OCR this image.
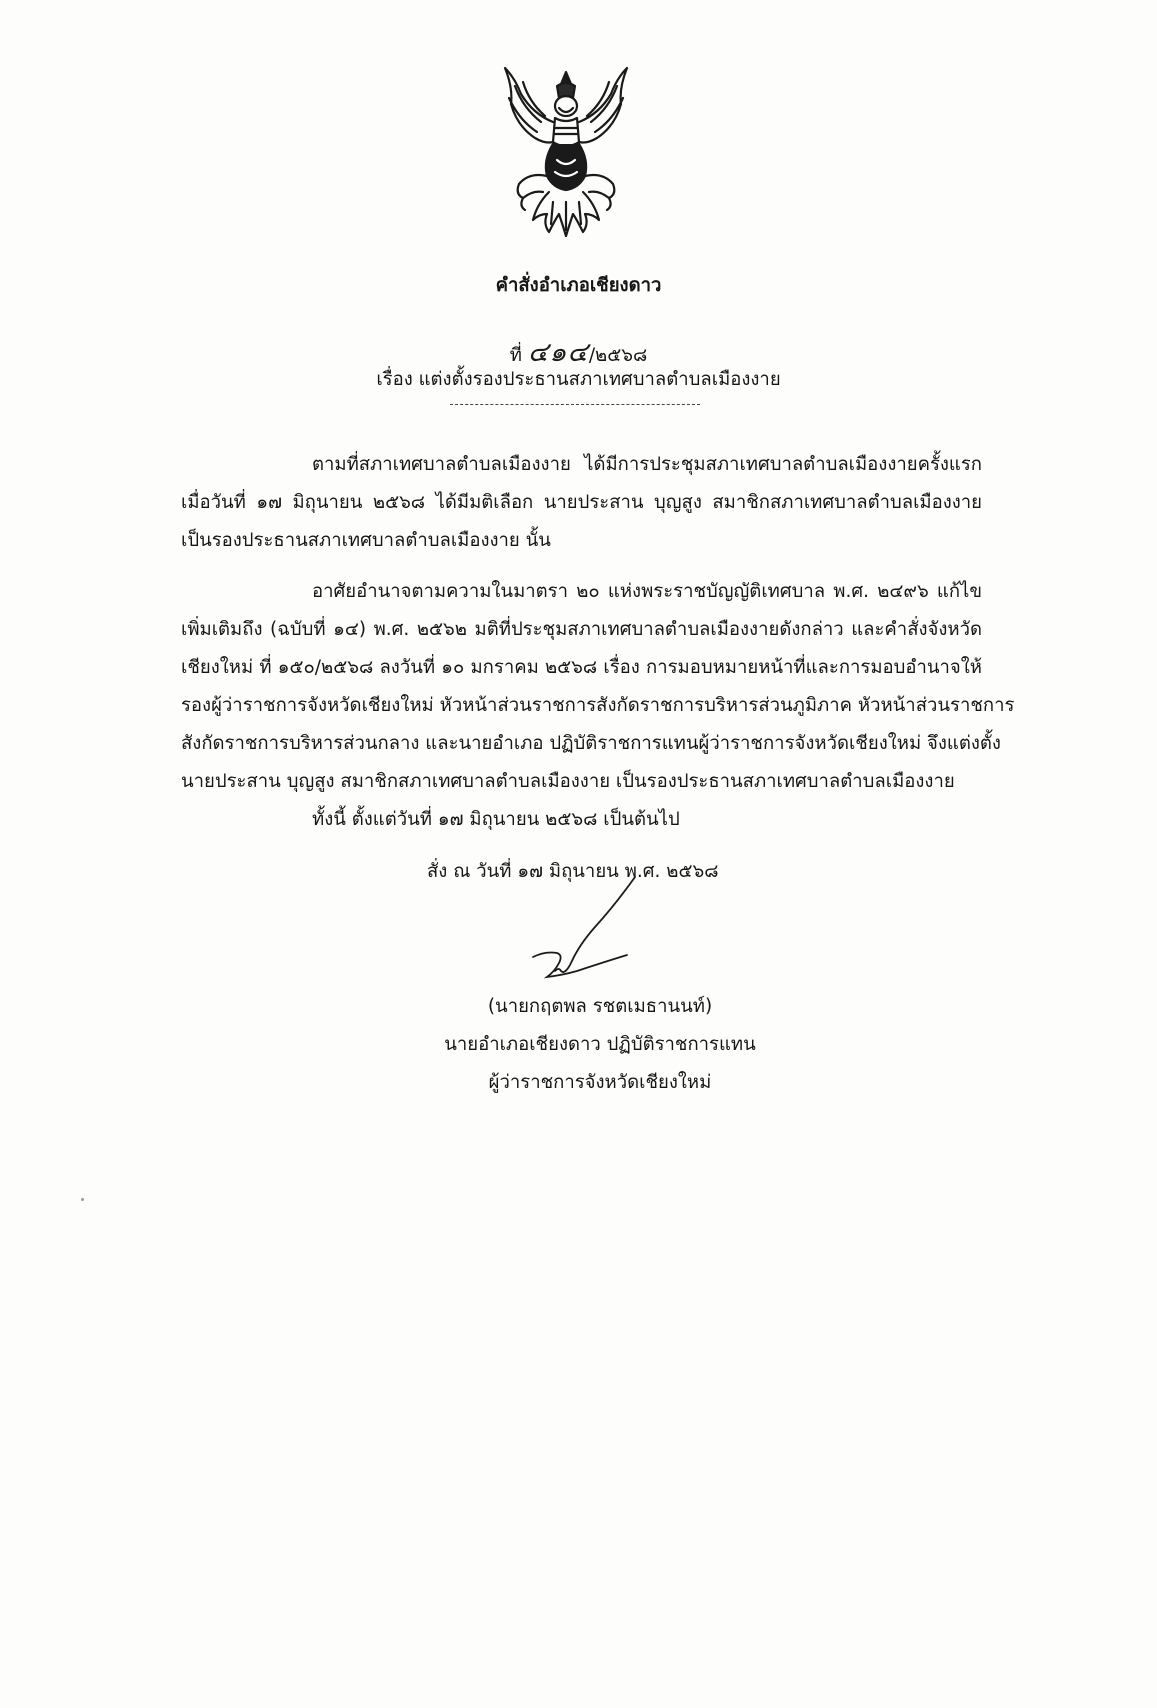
คำสั่งอำเภอเชียงดาว
ที่ ๔๑๔/๒๕๖๘
เรื่อง แต่งตั้งรองประธานสภาเทศบาลตำบลเมืองงาย

ตามที่สภาเทศบาลตำบลเมืองงาย ได้มีการประชุมสภาเทศบาลตำบลเมืองงายครั้งแรก

เมื่อวันที่ ๑๗ มิถุนายน ๒๕๖๘ ได้มีมติเลือก นายประสาน บุญสูง สมาชิกสภาเทศบาลตำบลเมืองงาย

เป็นรองประธานสภาเทศบาลตำบลเมืองงาย นั้น

อาศัยอำนาจตามความในมาตรา ๒๐ แห่งพระราชบัญญัติเทศบาล พ.ศ. ๒๔๙๖ แก้ไข

เพิ่มเติมถึง (ฉบับที่ ๑๔) พ.ศ. ๒๕๖๒ มติที่ประชุมสภาเทศบาลตำบลเมืองงายดังกล่าว และคำสั่งจังหวัด

เชียงใหม่ ที่ ๑๕๐/๒๕๖๘ ลงวันที่ ๑๐ มกราคม ๒๕๖๘ เรื่อง การมอบหมายหน้าที่และการมอบอำนาจให้

รองผู้ว่าราชการจังหวัดเชียงใหม่ หัวหน้าส่วนราชการสังกัดราชการบริหารส่วนภูมิภาค หัวหน้าส่วนราชการ

สังกัดราชการบริหารส่วนกลาง และนายอำเภอ ปฏิบัติราชการแทนผู้ว่าราชการจังหวัดเชียงใหม่ จึงแต่งตั้ง

นายประสาน บุญสูง สมาชิกสภาเทศบาลตำบลเมืองงาย เป็นรองประธานสภาเทศบาลตำบลเมืองงาย

ทั้งนี้ ตั้งแต่วันที่ ๑๗ มิถุนายน ๒๕๖๘ เป็นต้นไป
สั่ง ณ วันที่ ๑๗ มิถุนายน พ.ศ. ๒๕๖๘
(นายกฤตพล รชตเมธานนท์)
นายอำเภอเชียงดาว ปฏิบัติราชการแทน
ผู้ว่าราชการจังหวัดเชียงใหม่
